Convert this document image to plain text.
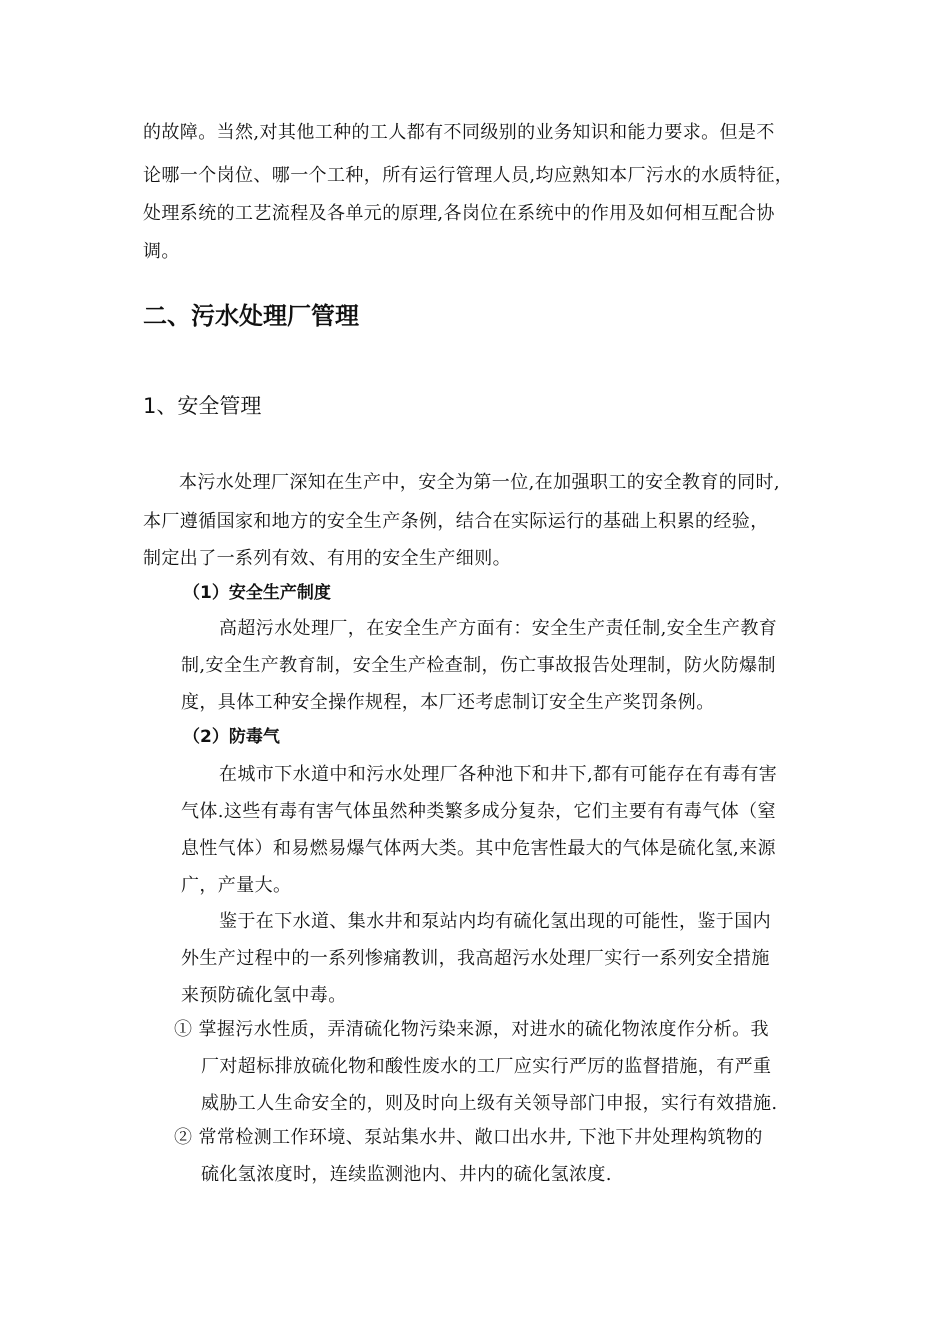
的故障。当然,对其他工种的工人都有不同级别的业务知识和能力要求。但是不
论哪一个岗位、哪一个工种，所有运行管理人员,均应熟知本厂污水的水质特征，
处理系统的工艺流程及各单元的原理,各岗位在系统中的作用及如何相互配合协
调。
二、污水处理厂管理
1、安全管理
本污水处理厂深知在生产中，安全为第一位,在加强职工的安全教育的同时,
本厂遵循国家和地方的安全生产条例，结合在实际运行的基础上积累的经验，
制定出了一系列有效、有用的安全生产细则。
（1）安全生产制度
高超污水处理厂，在安全生产方面有：安全生产责任制,安全生产教育
制,安全生产教育制，安全生产检查制，伤亡事故报告处理制，防火防爆制
度，具体工种安全操作规程，本厂还考虑制订安全生产奖罚条例。
（2）防毒气
在城市下水道中和污水处理厂各种池下和井下,都有可能存在有毒有害
气体.这些有毒有害气体虽然种类繁多成分复杂，它们主要有有毒气体（窒
息性气体）和易燃易爆气体两大类。其中危害性最大的气体是硫化氢,来源
广，产量大。
鉴于在下水道、集水井和泵站内均有硫化氢出现的可能性，鉴于国内
外生产过程中的一系列惨痛教训，我高超污水处理厂实行一系列安全措施
来预防硫化氢中毒。
① 掌握污水性质，弄清硫化物污染来源，对进水的硫化物浓度作分析。我
厂对超标排放硫化物和酸性废水的工厂应实行严厉的监督措施，有严重
威胁工人生命安全的，则及时向上级有关领导部门申报，实行有效措施.
② 常常检测工作环境、泵站集水井、敞口出水井, 下池下井处理构筑物的
硫化氢浓度时，连续监测池内、井内的硫化氢浓度.
